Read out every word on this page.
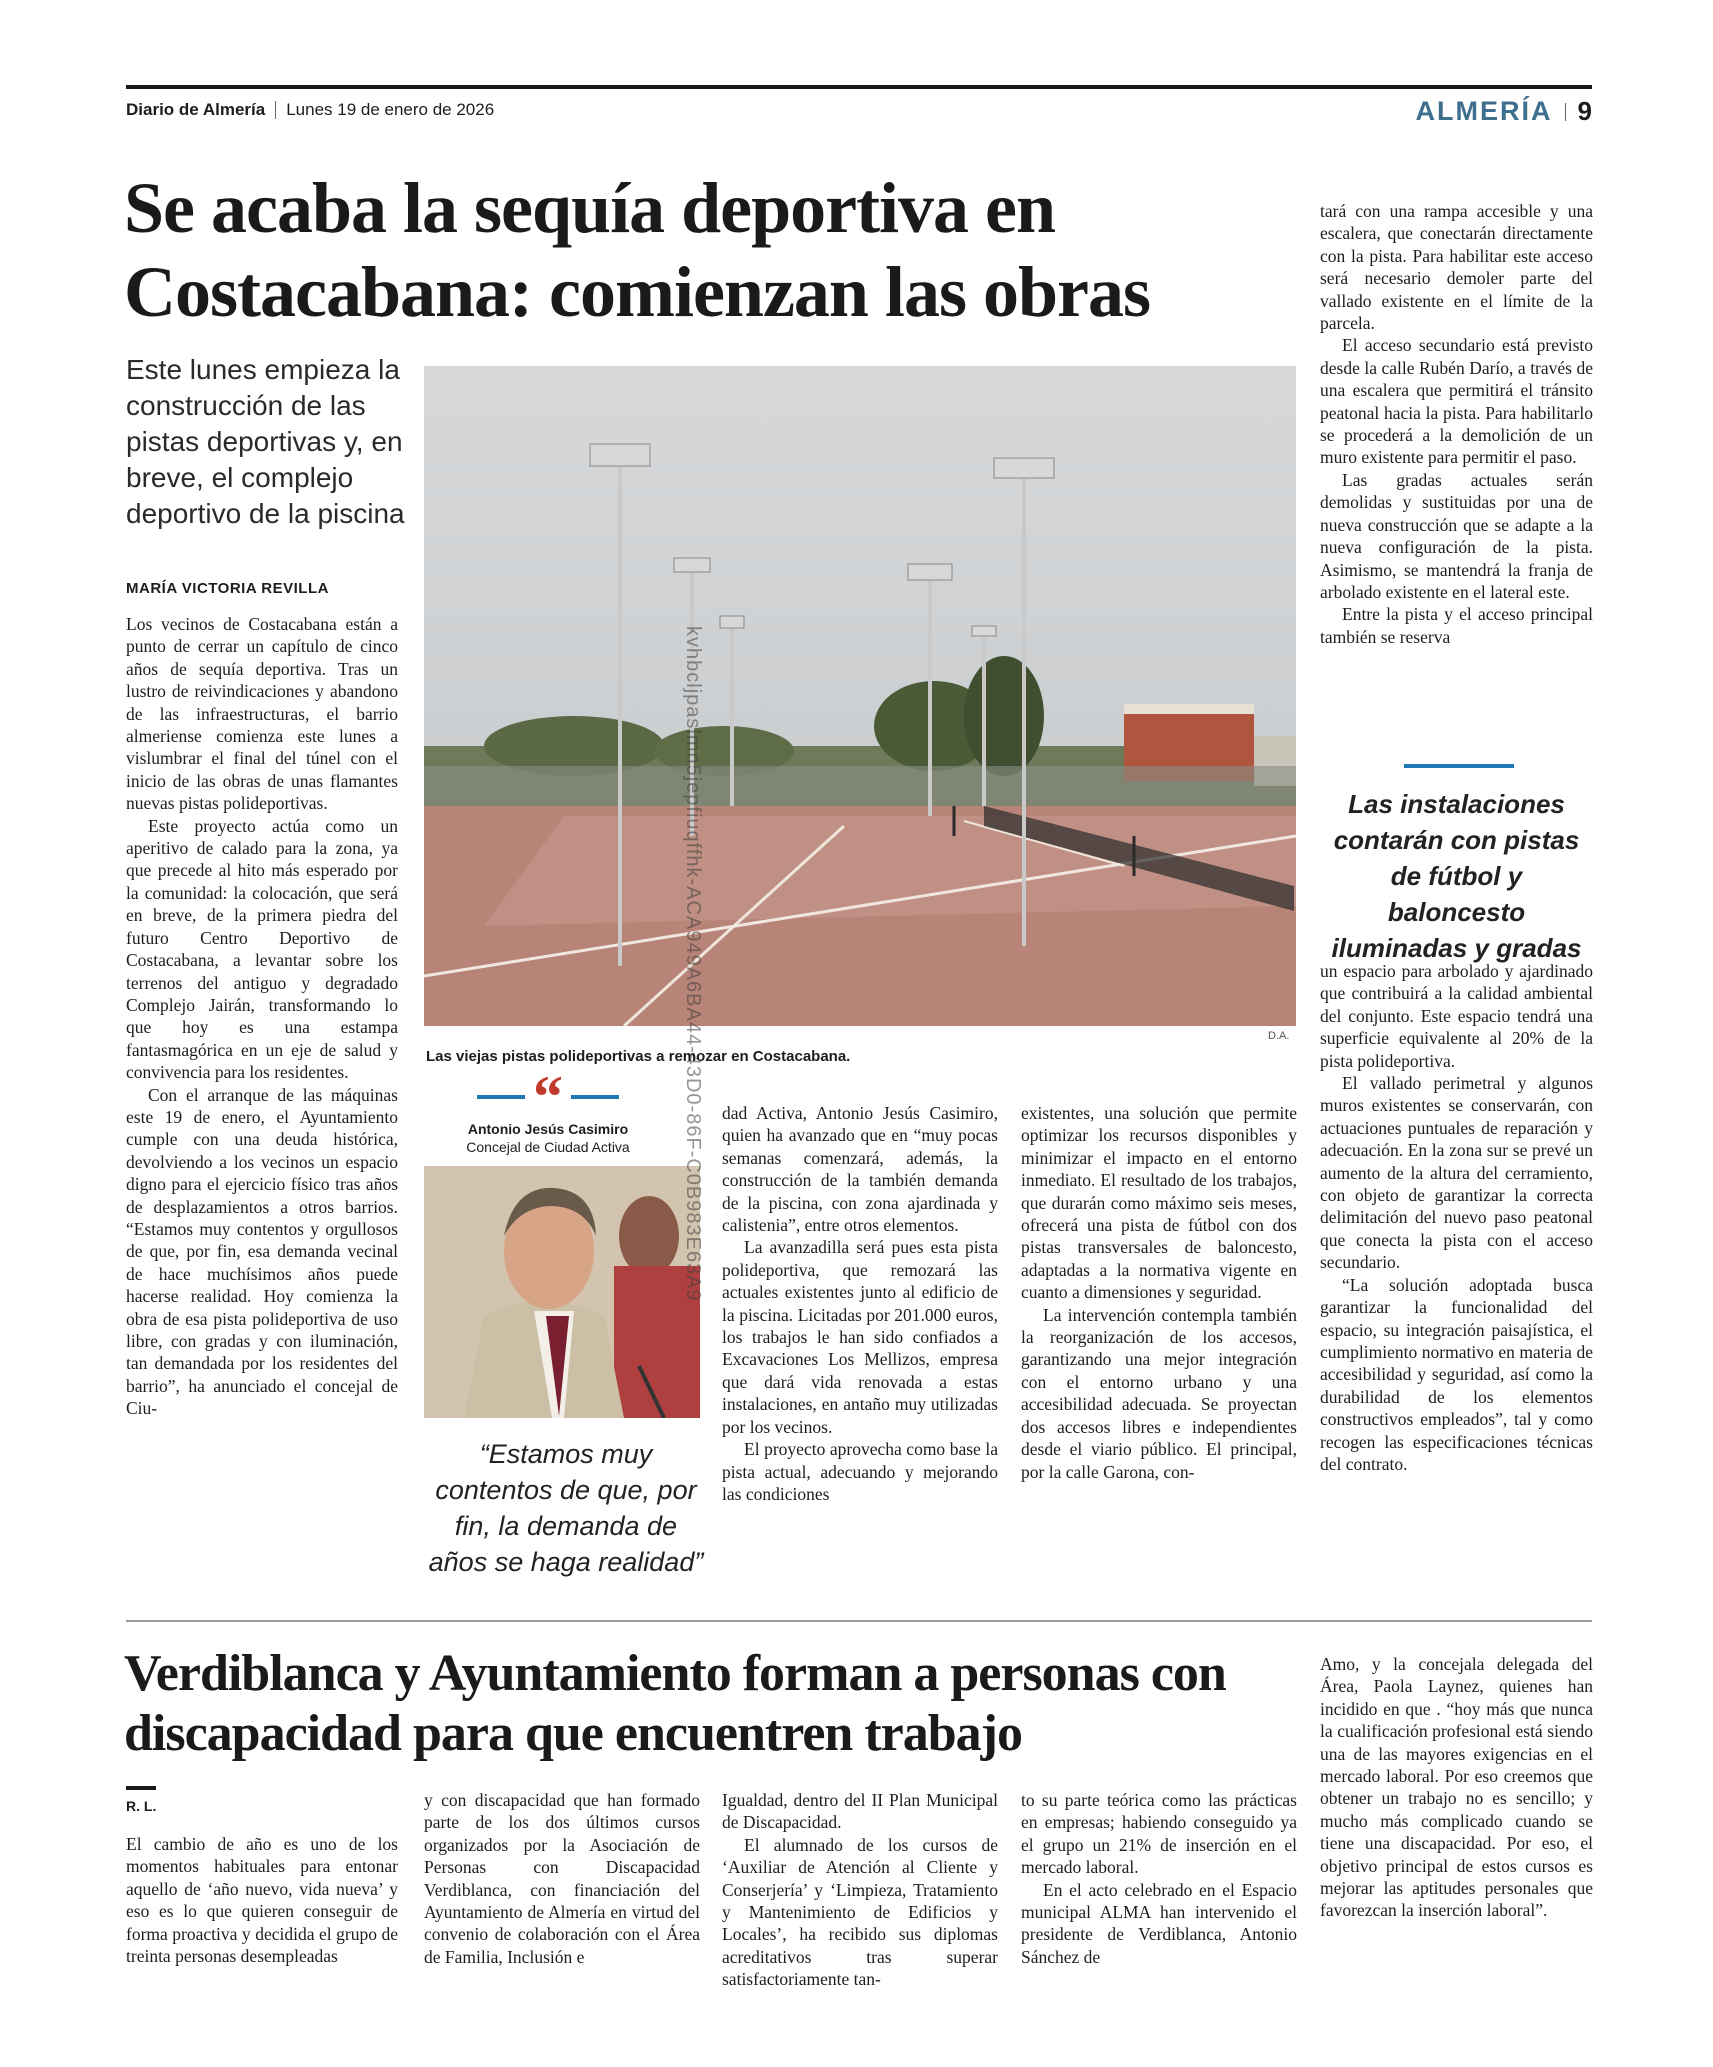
Diario de Almería Lunes 19 de enero de 2026	ALMERÍA 9
Se acaba la sequía deportiva en Costacabana: comienzan las obras
Este lunes empieza la construcción de las pistas deportivas y, en breve, el complejo deportivo de la piscina
MARÍA VICTORIA REVILLA

Los vecinos de Costacabana están a punto de cerrar un capítulo de cinco años de sequía deportiva. Tras un lustro de reivindicaciones y abandono de las infraestructuras, el barrio almeriense comienza este lunes a vislumbrar el final del túnel con el inicio de las obras de unas flamantes nuevas pistas polideportivas.

Este proyecto actúa como un aperitivo de calado para la zona, ya que precede al hito más esperado por la comunidad: la colocación, que será en breve, de la primera piedra del futuro Centro Deportivo de Costacabana, a levantar sobre los terrenos del antiguo y degradado Complejo Jairán, transformando lo que hoy es una estampa fantasmagórica en un eje de salud y convivencia para los residentes.

Con el arranque de las máquinas este 19 de enero, el Ayuntamiento cumple con una deuda histórica, devolviendo a los vecinos un espacio digno para el ejercicio físico tras años de desplazamientos a otros barrios. “Estamos muy contentos y orgullosos de que, por fin, esa demanda vecinal de hace muchísimos años puede hacerse realidad. Hoy comienza la obra de esa pista polideportiva de uso libre, con gradas y con iluminación, tan demandada por los residentes del barrio”, ha anunciado el concejal de Ciu-

D.A.
Las viejas pistas polideportivas a remozar en Costacabana.
“
Antonio Jesús Casimiro
Concejal de Ciudad Activa
“Estamos muy contentos de que, por fin, la demanda de años se haga realidad”

dad Activa, Antonio Jesús Casimiro, quien ha avanzado que en “muy pocas semanas comenzará, además, la construcción de la también demanda de la piscina, con zona ajardinada y calistenia”, entre otros elementos.

La avanzadilla será pues esta pista polideportiva, que remozará las actuales existentes junto al edificio de la piscina. Licitadas por 201.000 euros, los trabajos le han sido confiados a Excavaciones Los Mellizos, empresa que dará vida renovada a estas instalaciones, en antaño muy utilizadas por los vecinos.

El proyecto aprovecha como base la pista actual, adecuando y mejorando las condiciones

existentes, una solución que permite optimizar los recursos disponibles y minimizar el impacto en el entorno inmediato. El resultado de los trabajos, que durarán como máximo seis meses, ofrecerá una pista de fútbol con dos pistas transversales de baloncesto, adaptadas a la normativa vigente en cuanto a dimensiones y seguridad.

La intervención contempla también la reorganización de los accesos, garantizando una mejor integración con el entorno urbano y una accesibilidad adecuada. Se proyectan dos accesos libres e independientes desde el viario público. El principal, por la calle Garona, con-

tará con una rampa accesible y una escalera, que conectarán directamente con la pista. Para habilitar este acceso será necesario demoler parte del vallado existente en el límite de la parcela.

El acceso secundario está previsto desde la calle Rubén Darío, a través de una escalera que permitirá el tránsito peatonal hacia la pista. Para habilitarlo se procederá a la demolición de un muro existente para permitir el paso.

Las gradas actuales serán demolidas y sustituidas por una de nueva construcción que se adapte a la nueva configuración de la pista. Asimismo, se mantendrá la franja de arbolado existente en el lateral este.

Entre la pista y el acceso principal también se reserva

Las instalaciones contarán con pistas de fútbol y baloncesto iluminadas y gradas

un espacio para arbolado y ajardinado que contribuirá a la calidad ambiental del conjunto. Este espacio tendrá una superficie equivalente al 20% de la pista polideportiva.

El vallado perimetral y algunos muros existentes se conservarán, con actuaciones puntuales de reparación y adecuación. En la zona sur se prevé un aumento de la altura del cerramiento, con objeto de garantizar la correcta delimitación del nuevo paso peatonal que conecta la pista con el acceso secundario.

“La solución adoptada busca garantizar la funcionalidad del espacio, su integración paisajística, el cumplimiento normativo en materia de accesibilidad y seguridad, así como la durabilidad de los elementos constructivos empleados”, tal y como recogen las especificaciones técnicas del contrato.

kvhbcljpaslmn5jepfiuqffhk-ACA949A6BA44-43D0-86F-C0B983E63A9
Verdiblanca y Ayuntamiento forman a personas con discapacidad para que encuentren trabajo
R. L.

El cambio de año es uno de los momentos habituales para entonar aquello de ‘año nuevo, vida nueva’ y eso es lo que quieren conseguir de forma proactiva y decidida el grupo de treinta personas desempleadas

y con discapacidad que han formado parte de los dos últimos cursos organizados por la Asociación de Personas con Discapacidad Verdiblanca, con financiación del Ayuntamiento de Almería en virtud del convenio de colaboración con el Área de Familia, Inclusión e

Igualdad, dentro del II Plan Municipal de Discapacidad.

El alumnado de los cursos de ‘Auxiliar de Atención al Cliente y Conserjería’ y ‘Limpieza, Tratamiento y Mantenimiento de Edificios y Locales’, ha recibido sus diplomas acreditativos tras superar satisfactoriamente tan-

to su parte teórica como las prácticas en empresas; habiendo conseguido ya el grupo un 21% de inserción en el mercado laboral.

En el acto celebrado en el Espacio municipal ALMA han intervenido el presidente de Verdiblanca, Antonio Sánchez de

Amo, y la concejala delegada del Área, Paola Laynez, quienes han incidido en que . “hoy más que nunca la cualificación profesional está siendo una de las mayores exigencias en el mercado laboral. Por eso creemos que obtener un trabajo no es sencillo; y mucho más complicado cuando se tiene una discapacidad. Por eso, el objetivo principal de estos cursos es mejorar las aptitudes personales que favorezcan la inserción laboral”.
